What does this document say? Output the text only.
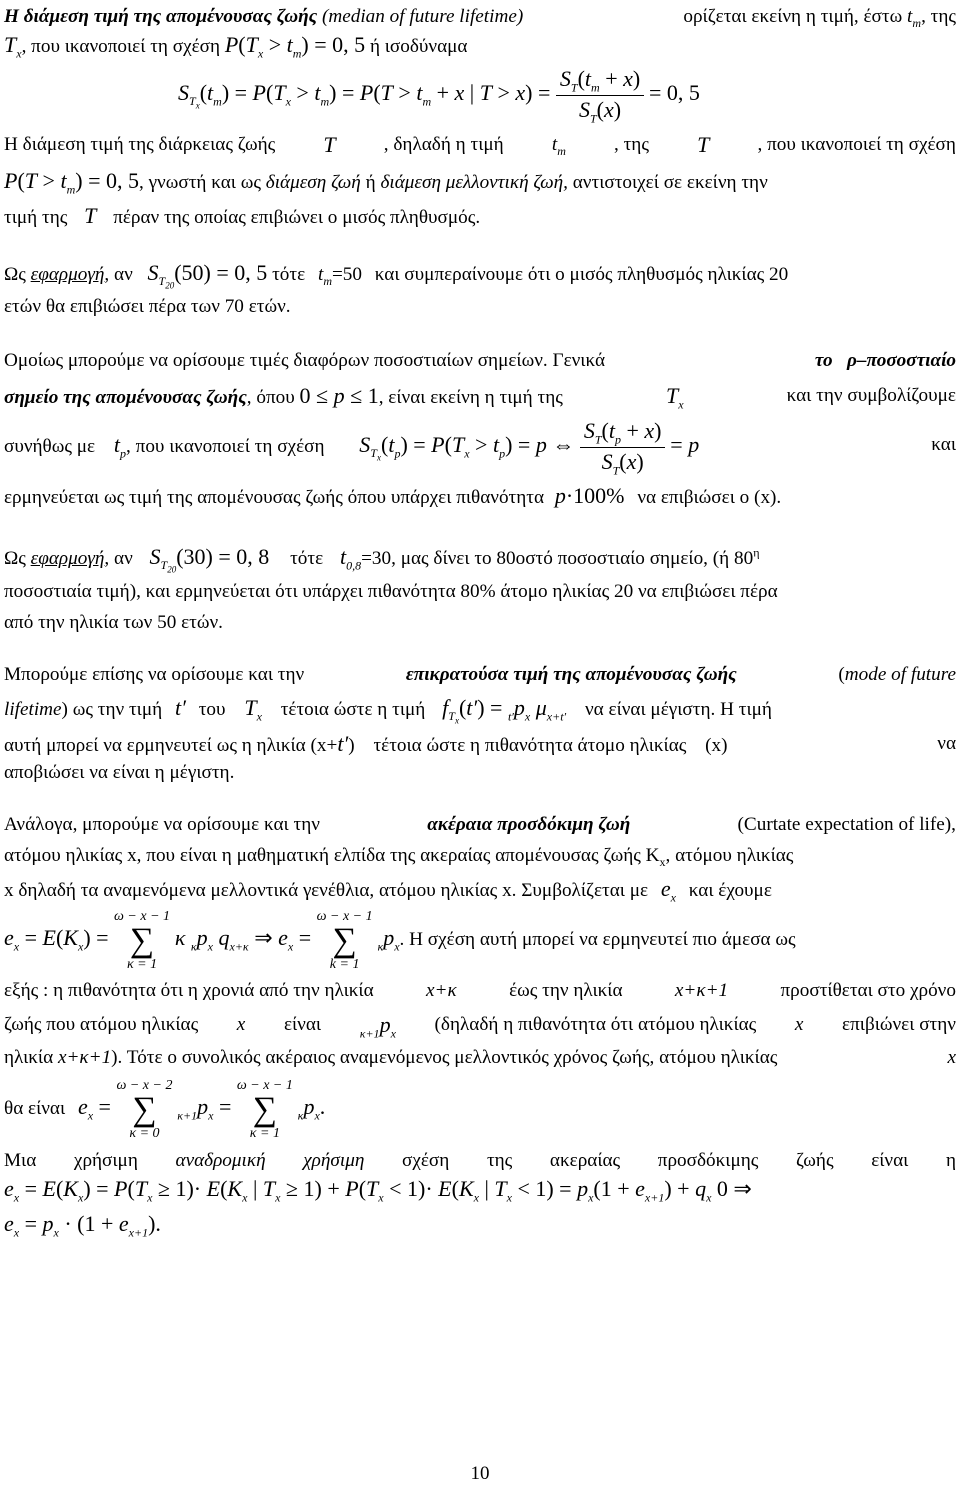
Η διάμεση τιμή της απομένουσας ζωής (median of future lifetime)	ορίζεται εκείνη η τιμή, έστω $t_m$, της
$T_x$, που ικανοποιεί τη σχέση $P(T_x > t_m) = 0$, 5 ή ισοδύναμα
$S_{T_x}(t_m) = P(T_x > t_m) = P(T > t_m + x$ | $T > x) = \frac{S_T(t_m + x)}{S_T(x)} = 0$, 5
Η διάμεση τιμή της διάρκειας ζωής T	, δηλαδή η τιμή	$t_m$	, της T	, που ικανοποιεί τη σχέση
$P(T > t_m) = 0$, 5, γνωστή και ως διάμεση ζωή ή διάμεση μελλοντική ζωή, αντιστοιχεί σε εκείνη την
τιμή της T πέραν της οποίας επιβιώνει ο μισός πληθυσμός.
Ως εφαρμογή, αν $S_{T_{20}}(50) = 0$, 5 τότε $t_m=50$ και συμπεραίνουμε ότι ο μισός πληθυσμός ηλικίας 20
ετών θα επιβιώσει πέρα των 70 ετών.
Ομοίως μπορούμε να ορίσουμε τιμές διαφόρων ποσοστιαίων σημείων. Γενικά	το ρ–ποσοστιαίο
σημείο της απομένουσας ζωής, όπου 0 ≤ p ≤ 1, είναι εκείνη η τιμή της	$T_x$	και την συμβολίζουμε
συνήθως με $t_p$, που ικανοποιεί τη σχέση $S_{T_x}(t_p) = P(T_x > t_p) = p$ ⇔ $\frac{S_T(t_p + x)}{S_T(x)} = p$	και
ερμηνεύεται ως τιμή της απομένουσας ζωής όπου υπάρχει πιθανότητα p·100% να επιβιώσει ο (x).
Ως εφαρμογή, αν $S_{T_{20}}(30) = 0$, 8 τότε $t_{0,8}=30$, μας δίνει το 80οστό ποσοστιαίο σημείο, (ή $80^\eta$
ποσοστιαία τιμή), και ερμηνεύεται ότι υπάρχει πιθανότητα 80% άτομο ηλικίας 20 να επιβιώσει πέρα
από την ηλικία των 50 ετών.
Μπορούμε επίσης να ορίσουμε και την	επικρατούσα τιμή της απομένουσας ζωής	(mode of future
lifetime) ως την τιμή t′ του $T_x$ τέτοια ώστε η τιμή $f_{T_x}(t') = _{t'}p_x$ $\mu_{x+t'}$ να είναι μέγιστη. Η τιμή
αυτή μπορεί να ερμηνευτεί ως η ηλικία (x+t′) τέτοια ώστε η πιθανότητα άτομο ηλικίας (x)	να
αποβιώσει να είναι η μέγιστη.
Ανάλογα, μπορούμε να ορίσουμε και την	ακέραια προσδόκιμη ζωή	(Curtate expectation of life),
ατόμου ηλικίας x, που είναι η μαθηματική ελπίδα της ακεραίας απομένουσας ζωής $K_x$, ατόμου ηλικίας
x δηλαδή τα αναμενόμενα μελλοντικά γενέθλια, ατόμου ηλικίας x. Συμβολίζεται με $e_x$ και έχουμε
$e_x = E(K_x) = \omega - x - 1$
∑
κ = 1 κ $_\kappa p_x$ $q_{x+\kappa}$ ⇒ $e_x = \omega - x - 1$
∑
k = 1 $_\kappa p_x$. Η σχέση αυτή μπορεί να ερμηνευτεί πιο άμεσα ως
εξής : η πιθανότητα ότι η χρονιά από την ηλικία	x+κ	έως την ηλικία	x+κ+1	προστίθεται στο χρόνο
ζωής που ατόμου ηλικίας x είναι	$_{\kappa+1}p_x$ (δηλαδή η πιθανότητα ότι ατόμου ηλικίας x επιβιώνει στην
ηλικία x+κ+1). Τότε ο συνολικός ακέραιος αναμενόμενος μελλοντικός χρόνος ζωής, ατόμου ηλικίας	x
θα είναι $e_x = \omega - x - 2$
∑
κ = 0 $_{\kappa+1}p_x = \omega - x - 1$
∑
κ = 1 $_\kappa p_x$.
Μια χρήσιμη αναδρομική χρήσιμη σχέση της ακεραίας προσδόκιμης ζωής είναι η
$e_x = E(K_x) = P(T_x \ge 1)\cdot E(K_x$ | $T_x \ge 1) + P(T_x < 1)\cdot E(K_x$ | $T_x < 1) = p_x(1 + e_{x+1}) + q_x$ 0 ⇒
$e_x = p_x \cdot (1 + e_{x+1})$.
10
